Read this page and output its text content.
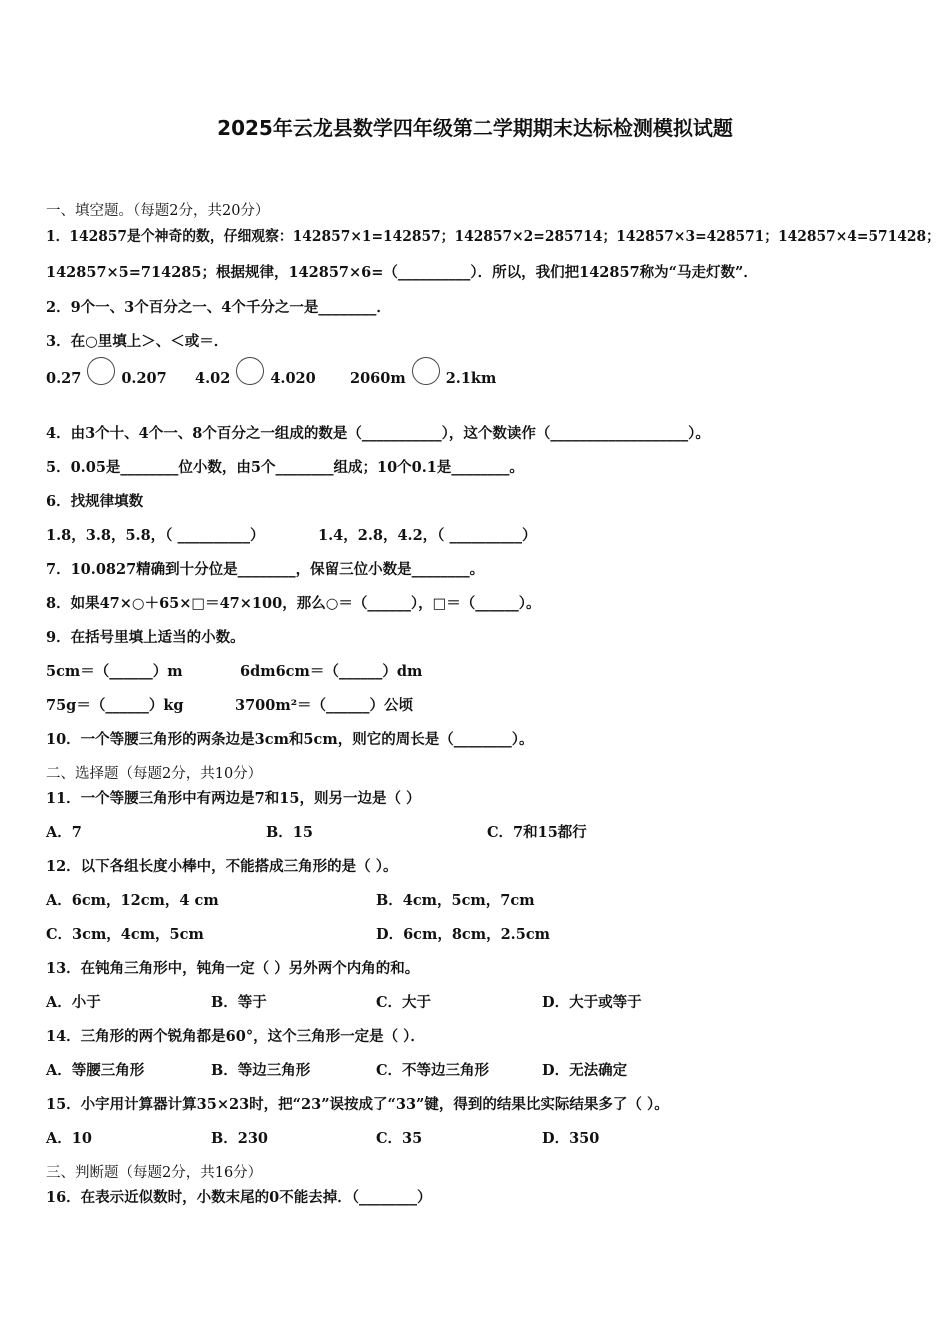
2025年云龙县数学四年级第二学期期末达标检测模拟试题
一、填空题。（每题2分，共20分）
1．142857是个神奇的数，仔细观察：142857×1=142857；142857×2=285714；142857×3=428571；142857×4=571428；
142857×5=714285；根据规律，142857×6=（__________）．所以，我们把142857称为“马走灯数”．
2．9个一、3个百分之一、4个千分之一是________．
3．在○里填上＞、＜或＝．
0.27	0.207 4.02	4.020 2060m	2.1km
4．由3个十、4个一、8个百分之一组成的数是（___________），这个数读作（___________________）。
5．0.05是________位小数，由5个________组成；10个0.1是________。
6．找规律填数
1.8，3.8，5.8，（ __________）	1.4，2.8，4.2，（ __________）
7．10.0827精确到十分位是________，保留三位小数是________。
8．如果47×○＋65×□＝47×100，那么○＝（______），□＝（______）。
9．在括号里填上适当的小数。
5cm＝（______）m	6dm6cm＝（______）dm
75g＝（______）kg	3700m²＝（______）公顷
10．一个等腰三角形的两条边是3cm和5cm，则它的周长是（________）。
二、选择题（每题2分，共10分）
11．一个等腰三角形中有两边是7和15，则另一边是（ ）
A．7	B．15	C．7和15都行
12．以下各组长度小棒中，不能搭成三角形的是（ ）。
A．6cm，12cm，4 cm	B．4cm，5cm，7cm
C．3cm，4cm，5cm	D．6cm，8cm，2.5cm
13．在钝角三角形中，钝角一定（ ）另外两个内角的和。
A．小于	B．等于	C．大于	D．大于或等于
14．三角形的两个锐角都是60°，这个三角形一定是（ ）．
A．等腰三角形	B．等边三角形	C．不等边三角形	D．无法确定
15．小宇用计算器计算35×23时，把“23”误按成了“33”键，得到的结果比实际结果多了（ ）。
A．10	B．230	C．35	D．350
三、判断题（每题2分，共16分）
16．在表示近似数时，小数末尾的0不能去掉．（________）
